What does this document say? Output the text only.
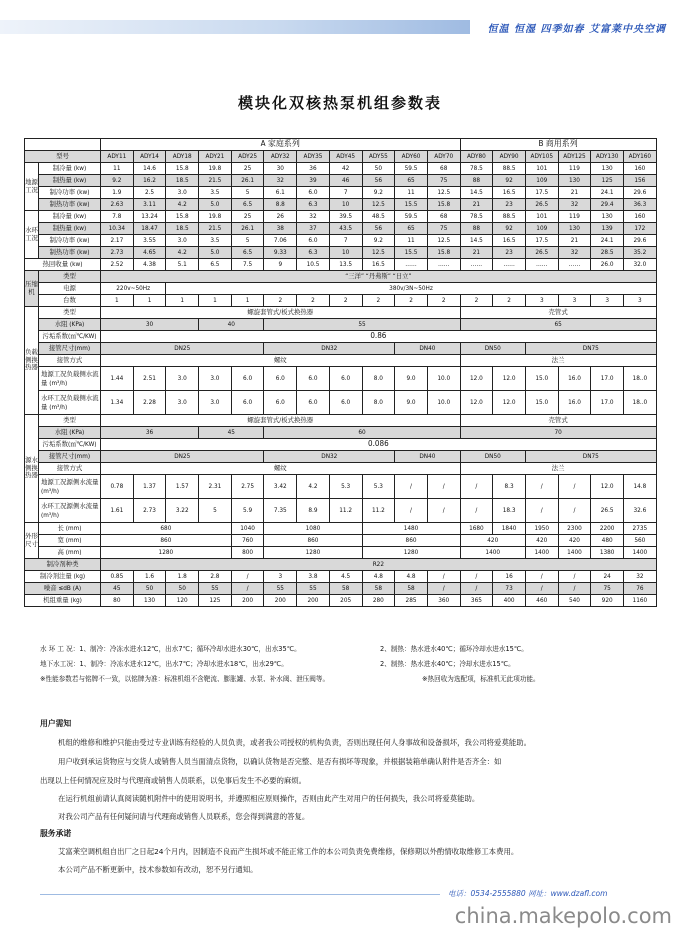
恒温 恒湿 四季如春 艾富莱中央空调
模块化双核热泵机组参数表
		A 家庭系列											B 商用系列					
型号		ADY11	ADY14	ADY18	ADY21	ADY25	ADY32	ADY35	ADY45	ADY55	ADY60	ADY70	ADY80	ADY90	ADY105	ADY125	ADY130	ADY160
地源工况	制冷量 (kw)	11	14.6	15.8	19.8	25	30	36	42	50	59.5	68	78.5	88.5	101	119	130	160
	制热量 (kw)	9.2	16.2	18.5	21.5	26.1	32	39	46	56	65	75	88	92	109	130	125	156
	制冷功率 (kw)	1.9	2.5	3.0	3.5	5	6.1	6.0	7	9.2	11	12.5	14.5	16.5	17.5	21	24.1	29.6
	制热功率 (kw)	2.63	3.11	4.2	5.0	6.5	8.8	6.3	10	12.5	15.5	15.8	21	23	26.5	32	29.4	36.3
水环工况	制冷量 (kw)	7.8	13.24	15.8	19.8	25	26	32	39.5	48.5	59.5	68	78.5	88.5	101	119	130	160
	制热量 (kw)	10.34	18.47	18.5	21.5	26.1	38	37	43.5	56	65	75	88	92	109	130	139	172
	制冷功率 (kw)	2.17	3.55	3.0	3.5	5	7.06	6.0	7	9.2	11	12.5	14.5	16.5	17.5	21	24.1	29.6
	制热功率 (kw)	2.73	4.65	4.2	5.0	6.5	9.33	6.3	10	12.5	15.5	15.8	21	23	26.5	32	28.5	35.2
热回收量 (kw)		2.52	4.38	5.1	6.5	7.5	9	10.5	13.5	16.5	……	……	……	……	……	……	26.0	32.0
压缩机	类型	“三洋” “丹弗斯” “日立”																
	电源	220v~50Hz		380v/3N~50Hz														
	台数	1	1	1	1	1	2	2	2	2	2	2	2	2	3	3	3	3
负载侧换热器	类型	螺旋套管式/板式换热器											壳管式					
	水阻 (KPa)	30			40		55						65					
	污垢系数(㎡℃/KW)	0.86																
	接管尺寸(mm)	DN25					DN32				DN40		DN50		DN75			
	接管方式	螺纹											法兰					
	地源工况负载侧水流量 (m³/h)	1.44	2.51	3.0	3.0	6.0	6.0	6.0	6.0	8.0	9.0	10.0	12.0	12.0	15.0	16.0	17.0	18..0
	水环工况负载侧水流量 (m³/h)	1.34	2.28	3.0	3.0	6.0	6.0	6.0	6.0	8.0	9.0	10.0	12.0	12.0	15.0	16.0	17.0	18..0
源水侧换热器	类型	螺旋套管式/板式换热器											壳管式					
	水阻 (KPa)	36			45		60						70					
	污垢系数(㎡℃/KW)	0.086																
	接管尺寸(mm)	DN25					DN32				DN40		DN50		DN75			
	接管方式	螺纹											法兰					
	地源工况源侧水流量 (m³/h)	0.78	1.37	1.57	2.31	2.75	3.42	4.2	5.3	5.3	/	/	/	8.3	/	/	12.0	14.8
	水环工况源侧水流量 (m³/h)	1.61	2.73	3.22	5	5.9	7.35	8.9	11.2	11.2	/	/	/	18.3	/	/	26.5	32.6
外形尺寸	长 (mm)	680				1040	1080			1480			1680	1840	1950	2300	2200	2735
	宽 (mm)	860				760	860			860			420		420	420	480	560
	高 (mm)	1280				800	1280			1280			1400		1400	1400	1380	1400
制冷剂种类		R22																
制冷剂注量 (kg)		0.85	1.6	1.8	2.8	/	3	3.8	4.5	4.8	4.8	/	/	16	/	/	24	32
噪音 ≤dB (A)		45	50	50	55	/	55	55	58	58	58	/	/	73	/	/	75	76
机组重量 (kg)		80	130	120	125	200	200	200	205	280	285	360	365	400	460	540	920	1160
水 环 工 况：1、制冷：冷冻水进水12℃，出水7℃；循环冷却水进水30℃，出水35℃。	2、制热：热水进水40℃；循环冷却水进水15℃。
地下水工况：1、制冷：冷冻水进水12℃，出水7℃；冷却水进水18℃，出水29℃。	2、制热：热水进水40℃；冷却水进水15℃。
※性能参数若与铭牌不一致，以铭牌为准：标准机组不含靶流、膨胀罐、水泵、补水阀、泄压阀等。	※热回收为选配项，标准机无此项功能。
用户需知
机组的维修和维护只能由受过专业训练有经验的人员负责，或者我公司授权的机构负责，否则出现任何人身事故和设备损坏，我公司将爱莫能助。
用户收到承运货物应与交货人或销售人员当面清点货物，以确认货物是否完整、是否有损坏等现象，并根据装箱单确认附件是否齐全：如
出现以上任何情况应及时与代理商或销售人员联系，以免事后发生不必要的麻烦。
在运行机组前请认真阅读随机附件中的使用说明书，并遵照相应原则操作，否则由此产生对用户的任何损失，我公司将爱莫能助。
对我公司产品有任何疑问请与代理商或销售人员联系，您会得到满意的答复。
服务承诺
艾富莱空调机组自出厂之日起24个月内，因制造不良而产生损坏或不能正常工作的本公司负责免费维修，保修期以外酌情收取维修工本费用。
本公司产品不断更新中，技术参数如有改动，恕不另行通知。
电话：0534-2555880 网址：www.dzafl.com
china.makepolo.com
